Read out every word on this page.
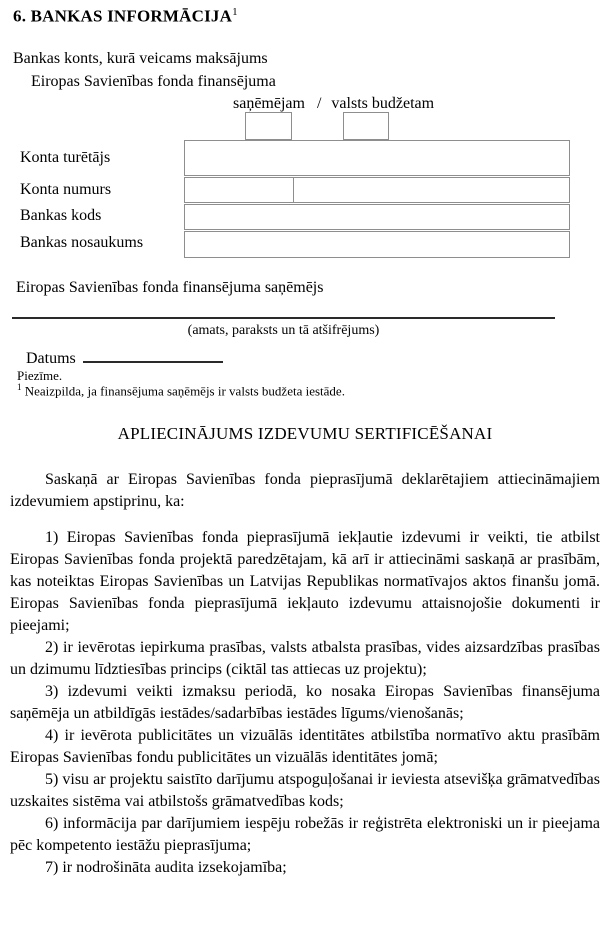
6. BANKAS INFORMĀCIJA$^1$
Bankas konts, kurā veicams maksājums
Eiropas Savienības fonda finansējuma
saņēmējam / valsts budžetam
Konta turētājs
Konta numurs
Bankas kods
Bankas nosaukums
Eiropas Savienības fonda finansējuma saņēmējs
(amats, paraksts un tā atšifrējums)
Datums
Piezīme.
$^1$ Neaizpilda, ja finansējuma saņēmējs ir valsts budžeta iestāde.
APLIECINĀJUMS IZDEVUMU SERTIFICĒŠANAI

Saskaņā ar Eiropas Savienības fonda pieprasījumā deklarētajiem attiecināmajiem izdevumiem apstiprinu, ka:

1) Eiropas Savienības fonda pieprasījumā iekļautie izdevumi ir veikti, tie atbilst Eiropas Savienības fonda projektā paredzētajam, kā arī ir attiecināmi saskaņā ar prasībām, kas noteiktas Eiropas Savienības un Latvijas Republikas normatīvajos aktos finanšu jomā. Eiropas Savienības fonda pieprasījumā iekļauto izdevumu attaisnojošie dokumenti ir pieejami;

2) ir ievērotas iepirkuma prasības, valsts atbalsta prasības, vides aizsardzības prasības un dzimumu līdztiesības princips (ciktāl tas attiecas uz projektu);

3) izdevumi veikti izmaksu periodā, ko nosaka Eiropas Savienības finansējuma saņēmēja un atbildīgās iestādes/sadarbības iestādes līgums/vienošanās;

4) ir ievērota publicitātes un vizuālās identitātes atbilstība normatīvo aktu prasībām Eiropas Savienības fondu publicitātes un vizuālās identitātes jomā;

5) visu ar projektu saistīto darījumu atspoguļošanai ir ieviesta atsevišķa grāmatvedības uzskaites sistēma vai atbilstošs grāmatvedības kods;

6) informācija par darījumiem iespēju robežās ir reģistrēta elektroniski un ir pieejama pēc kompetento iestāžu pieprasījuma;

7) ir nodrošināta audita izsekojamība;
